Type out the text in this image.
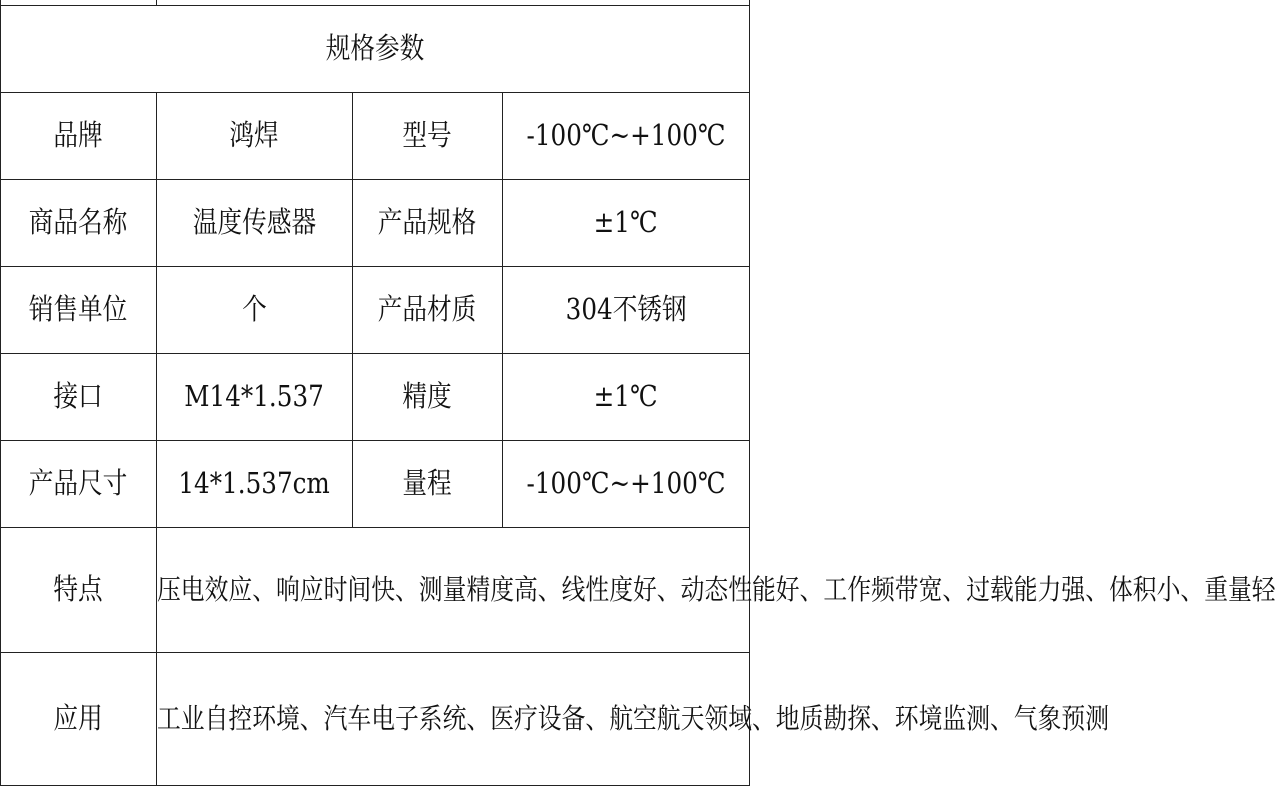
规格参数			
品牌	鸿焊	型号	-100℃~+100℃
商品名称	温度传感器	产品规格	±1℃
销售单位	个	产品材质	304不锈钢
接口	M14*1.537	精度	±1℃
产品尺寸	14*1.537cm	量程	-100℃~+100℃
特点	压电效应、响应时间快、测量精度高、线性度好、动态性能好、工作频带宽、过载能力强、体积小、重量轻		

应用	工业自控环境、汽车电子系统、医疗设备、航空航天领域、地质勘探、环境监测、气象预测		
